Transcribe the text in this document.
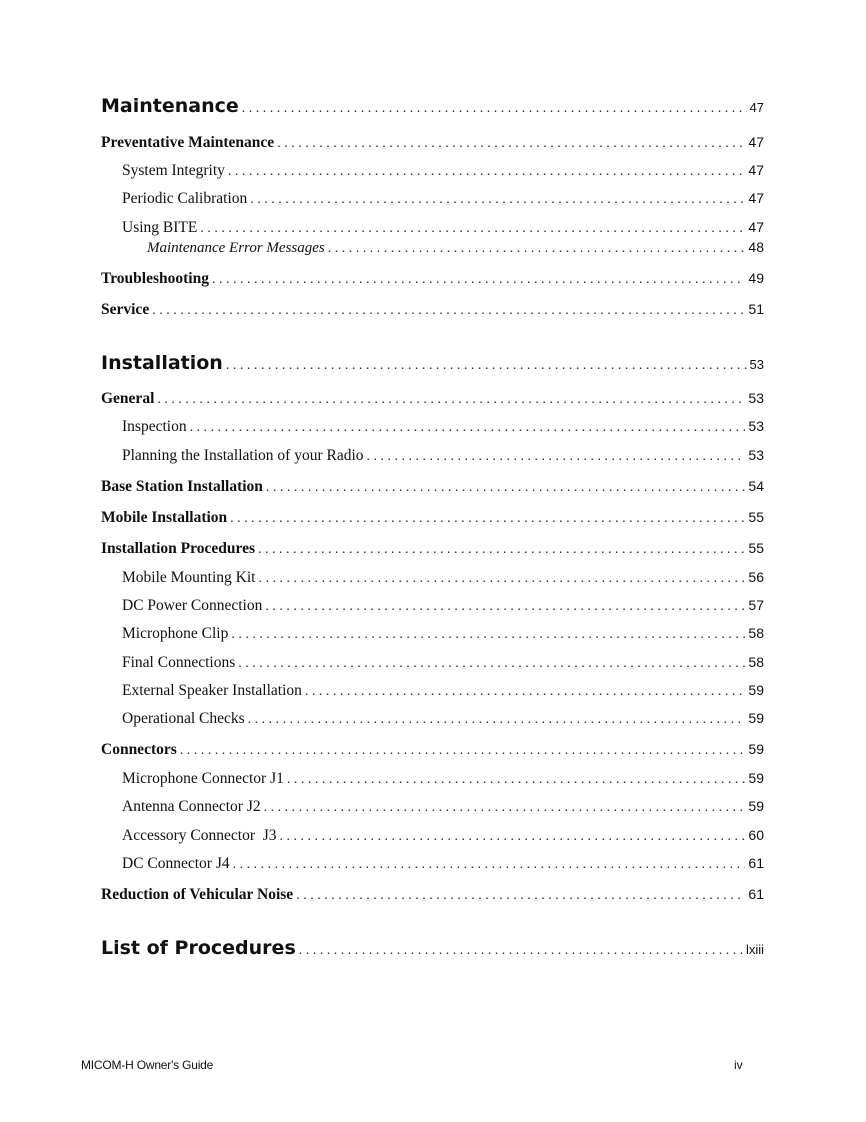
Maintenance . . .	47
Preventative Maintenance . . .	47
System Integrity . . .	47
Periodic Calibration . . .	47
Using BITE . . .	47
Maintenance Error Messages . . .	48
Troubleshooting . . .	49
Service . . .	51
Installation . . .	53
General . . .	53
Inspection . . .	53
Planning the Installation of your Radio . . .	53
Base Station Installation . . .	54
Mobile Installation . . .	55
Installation Procedures . . .	55
Mobile Mounting Kit . . .	56
DC Power Connection . . .	57
Microphone Clip . . .	58
Final Connections . . .	58
External Speaker Installation . . .	59
Operational Checks . . .	59
Connectors . . .	59
Microphone Connector J1 . . .	59
Antenna Connector J2 . . .	59
Accessory Connector  J3 . . .	60
DC Connector J4 . . .	61
Reduction of Vehicular Noise . . .	61
List of Procedures . . .	lxiii
MICOM-H Owner's Guide	iv
